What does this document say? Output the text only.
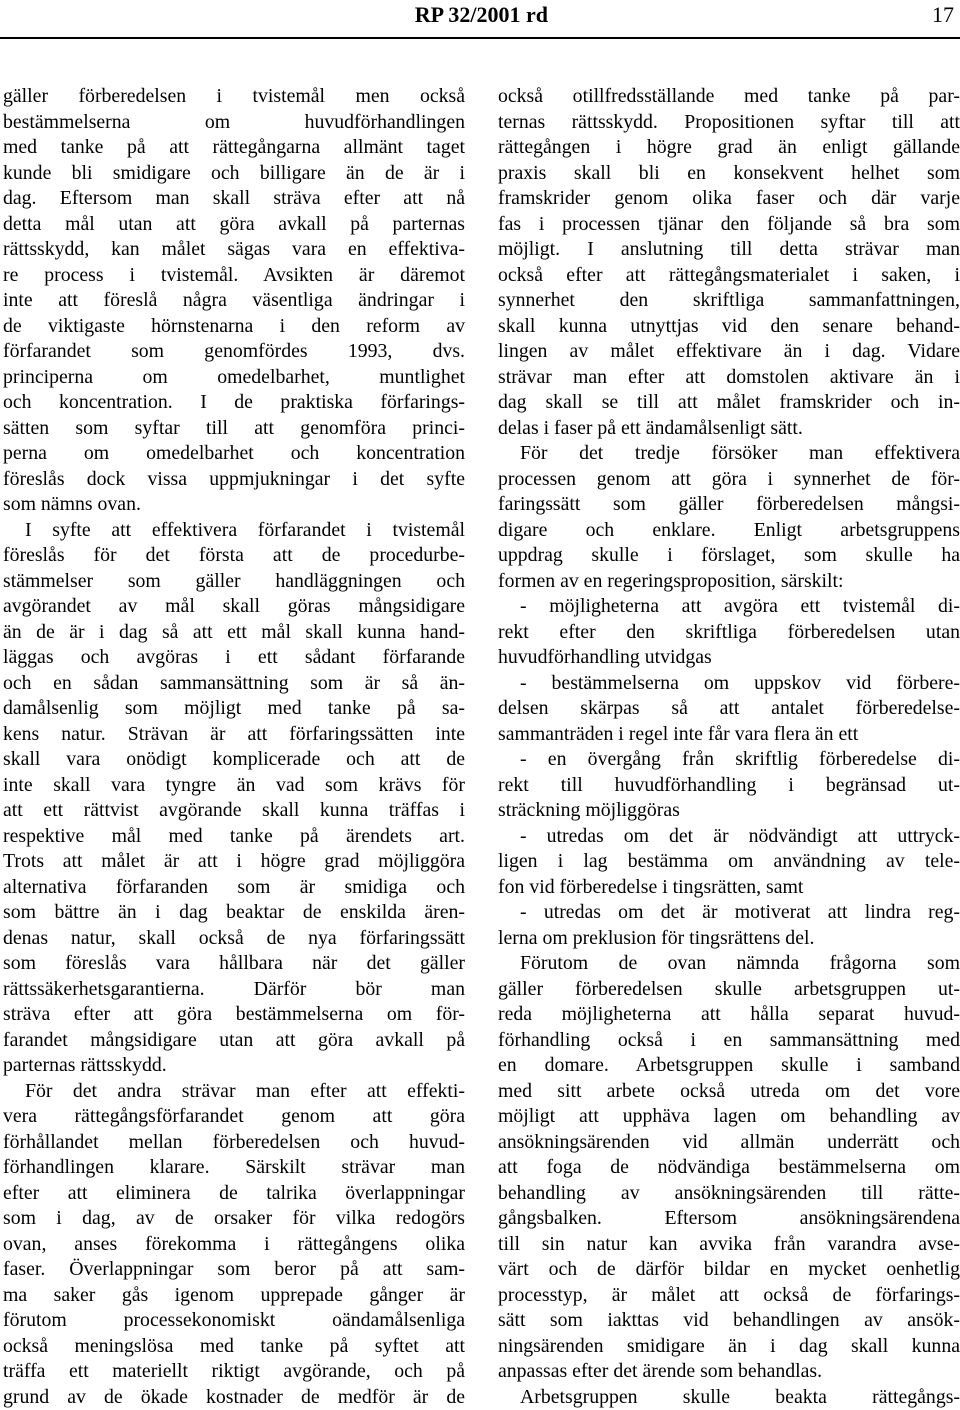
RP 32/2001 rd	17
gäller förberedelsen i tvistemål men också
bestämmelserna om huvudförhandlingen
med tanke på att rättegångarna allmänt taget
kunde bli smidigare och billigare än de är i
dag. Eftersom man skall sträva efter att nå
detta mål utan att göra avkall på parternas
rättsskydd, kan målet sägas vara en effektiva-
re process i tvistemål. Avsikten är däremot
inte att föreslå några väsentliga ändringar i
de viktigaste hörnstenarna i den reform av
förfarandet som genomfördes 1993, dvs.
principerna om omedelbarhet, muntlighet
och koncentration. I de praktiska förfarings-
sätten som syftar till att genomföra princi-
perna om omedelbarhet och koncentration
föreslås dock vissa uppmjukningar i det syfte
som nämns ovan.
I syfte att effektivera förfarandet i tvistemål
föreslås för det första att de procedurbe-
stämmelser som gäller handläggningen och
avgörandet av mål skall göras mångsidigare
än de är i dag så att ett mål skall kunna hand-
läggas och avgöras i ett sådant förfarande
och en sådan sammansättning som är så än-
damålsenlig som möjligt med tanke på sa-
kens natur. Strävan är att förfaringssätten inte
skall vara onödigt komplicerade och att de
inte skall vara tyngre än vad som krävs för
att ett rättvist avgörande skall kunna träffas i
respektive mål med tanke på ärendets art.
Trots att målet är att i högre grad möjliggöra
alternativa förfaranden som är smidiga och
som bättre än i dag beaktar de enskilda ären-
denas natur, skall också de nya förfaringssätt
som föreslås vara hållbara när det gäller
rättssäkerhetsgarantierna. Därför bör man
sträva efter att göra bestämmelserna om för-
farandet mångsidigare utan att göra avkall på
parternas rättsskydd.
För det andra strävar man efter att effekti-
vera rättegångsförfarandet genom att göra
förhållandet mellan förberedelsen och huvud-
förhandlingen klarare. Särskilt strävar man
efter att eliminera de talrika överlappningar
som i dag, av de orsaker för vilka redogörs
ovan, anses förekomma i rättegångens olika
faser. Överlappningar som beror på att sam-
ma saker gås igenom upprepade gånger är
förutom processekonomiskt oändamålsenliga
också meningslösa med tanke på syftet att
träffa ett materiellt riktigt avgörande, och på
grund av de ökade kostnader de medför är de
också otillfredsställande med tanke på par-
ternas rättsskydd. Propositionen syftar till att
rättegången i högre grad än enligt gällande
praxis skall bli en konsekvent helhet som
framskrider genom olika faser och där varje
fas i processen tjänar den följande så bra som
möjligt. I anslutning till detta strävar man
också efter att rättegångsmaterialet i saken, i
synnerhet den skriftliga sammanfattningen,
skall kunna utnyttjas vid den senare behand-
lingen av målet effektivare än i dag. Vidare
strävar man efter att domstolen aktivare än i
dag skall se till att målet framskrider och in-
delas i faser på ett ändamålsenligt sätt.
För det tredje försöker man effektivera
processen genom att göra i synnerhet de för-
faringssätt som gäller förberedelsen mångsi-
digare och enklare. Enligt arbetsgruppens
uppdrag skulle i förslaget, som skulle ha
formen av en regeringsproposition, särskilt:
- möjligheterna att avgöra ett tvistemål di-
rekt efter den skriftliga förberedelsen utan
huvudförhandling utvidgas
- bestämmelserna om uppskov vid förbere-
delsen skärpas så att antalet förberedelse-
sammanträden i regel inte får vara flera än ett
- en övergång från skriftlig förberedelse di-
rekt till huvudförhandling i begränsad ut-
sträckning möjliggöras
- utredas om det är nödvändigt att uttryck-
ligen i lag bestämma om användning av tele-
fon vid förberedelse i tingsrätten, samt
- utredas om det är motiverat att lindra reg-
lerna om preklusion för tingsrättens del.
Förutom de ovan nämnda frågorna som
gäller förberedelsen skulle arbetsgruppen ut-
reda möjligheterna att hålla separat huvud-
förhandling också i en sammansättning med
en domare. Arbetsgruppen skulle i samband
med sitt arbete också utreda om det vore
möjligt att upphäva lagen om behandling av
ansökningsärenden vid allmän underrätt och
att foga de nödvändiga bestämmelserna om
behandling av ansökningsärenden till rätte-
gångsbalken. Eftersom ansökningsärendena
till sin natur kan avvika från varandra avse-
värt och de därför bildar en mycket oenhetlig
processtyp, är målet att också de förfarings-
sätt som iakttas vid behandlingen av ansök-
ningsärenden smidigare än i dag skall kunna
anpassas efter det ärende som behandlas.
Arbetsgruppen skulle beakta rättegångs-
